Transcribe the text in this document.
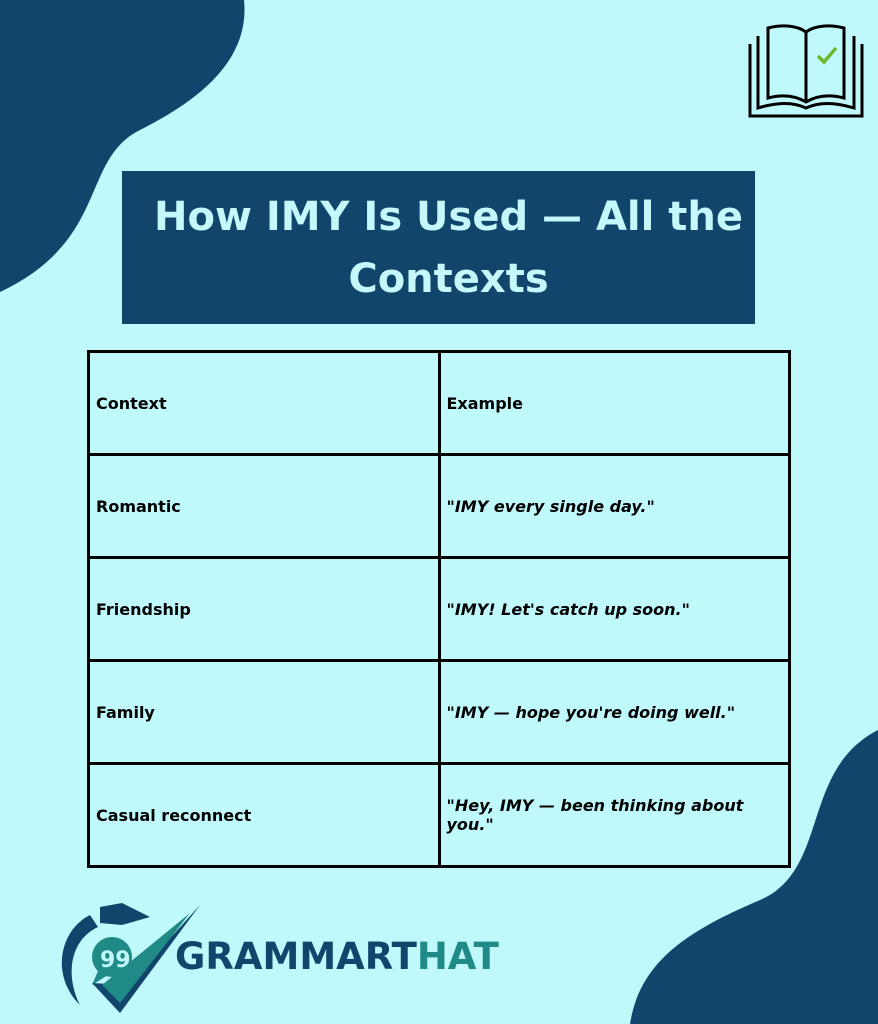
How IMY Is Used — All the Contexts
Context	Example
Romantic	"IMY every single day."
Friendship	"IMY! Let's catch up soon."
Family	"IMY — hope you're doing well."
Casual reconnect	"Hey, IMY — been thinking about you."
99 GRAMMARTHAT
